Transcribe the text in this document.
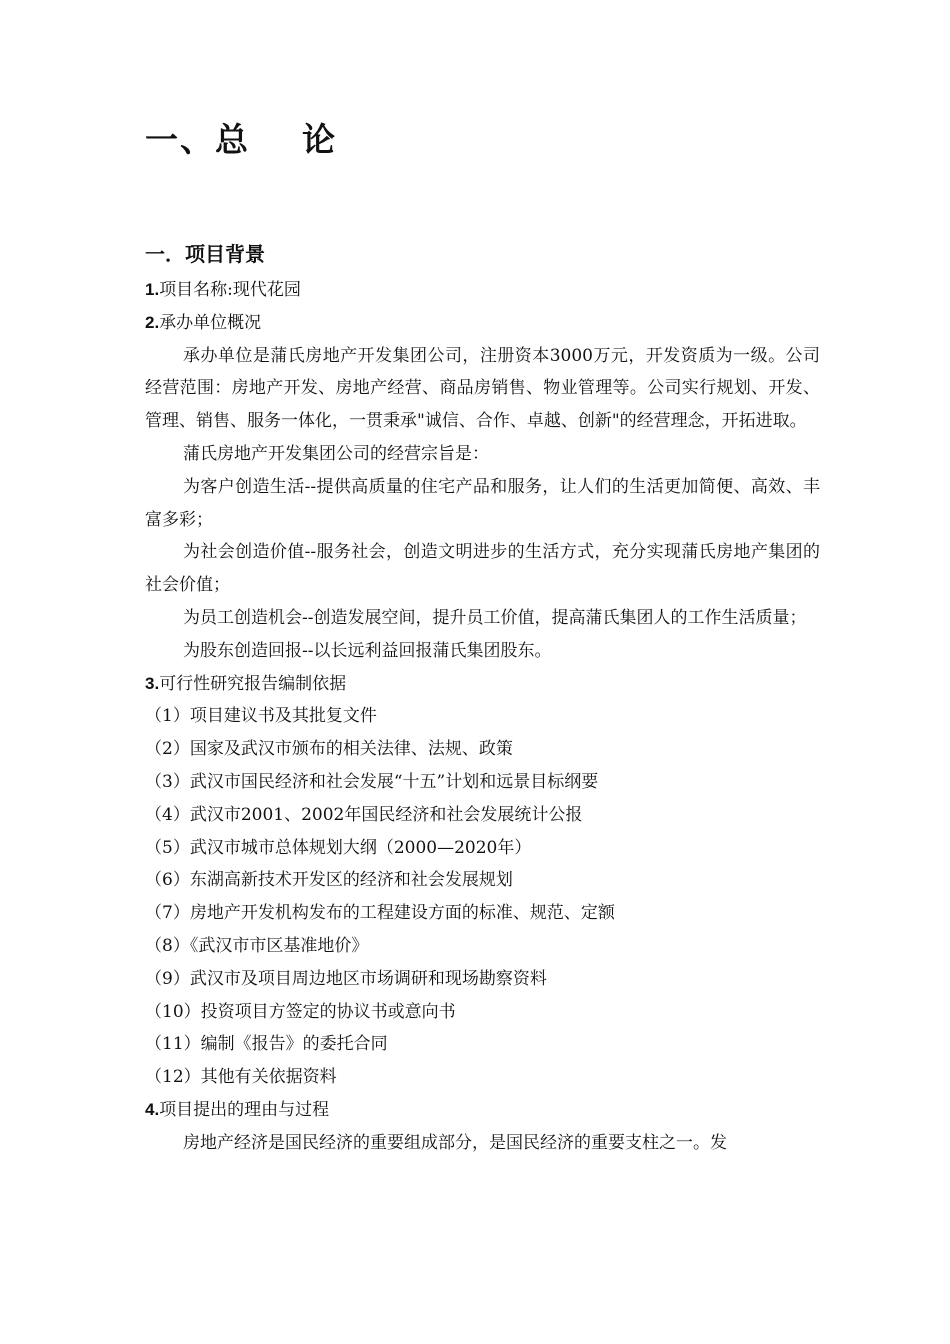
一、总 论
一．项目背景

1.项目名称:现代花园

2.承办单位概况

承办单位是蒲氏房地产开发集团公司，注册资本3000万元，开发资质为一级。公司经营范围：房地产开发、房地产经营、商品房销售、物业管理等。公司实行规划、开发、管理、销售、服务一体化，一贯秉承"诚信、合作、卓越、创新"的经营理念，开拓进取。

蒲氏房地产开发集团公司的经营宗旨是：

为客户创造生活--提供高质量的住宅产品和服务，让人们的生活更加简便、高效、丰富多彩；

为社会创造价值--服务社会，创造文明进步的生活方式，充分实现蒲氏房地产集团的社会价值；

为员工创造机会--创造发展空间，提升员工价值，提高蒲氏集团人的工作生活质量；

为股东创造回报--以长远利益回报蒲氏集团股东。

3.可行性研究报告编制依据

（1）项目建议书及其批复文件

（2）国家及武汉市颁布的相关法律、法规、政策

（3）武汉市国民经济和社会发展“十五”计划和远景目标纲要

（4）武汉市2001、2002年国民经济和社会发展统计公报

（5）武汉市城市总体规划大纲（2000—2020年）

（6）东湖高新技术开发区的经济和社会发展规划

（7）房地产开发机构发布的工程建设方面的标准、规范、定额

（8）《武汉市市区基准地价》

（9）武汉市及项目周边地区市场调研和现场勘察资料

（10）投资项目方签定的协议书或意向书

（11）编制《报告》的委托合同

（12）其他有关依据资料

4.项目提出的理由与过程

房地产经济是国民经济的重要组成部分，是国民经济的重要支柱之一。发
